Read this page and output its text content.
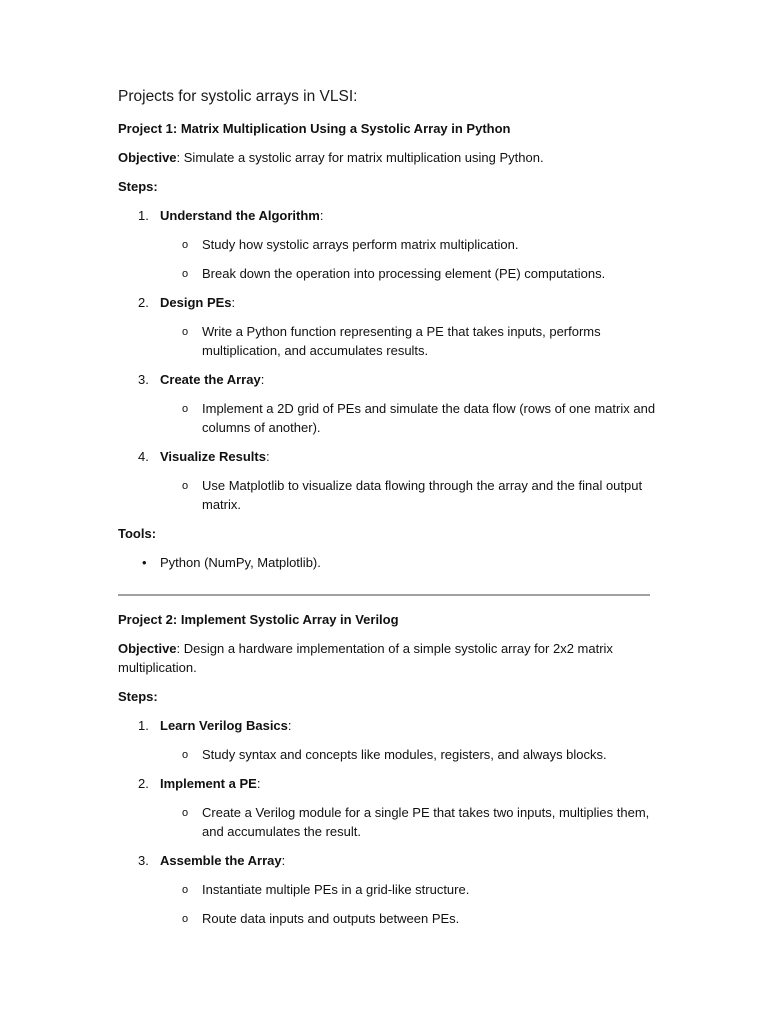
Projects for systolic arrays in VLSI:

Project 1: Matrix Multiplication Using a Systolic Array in Python

Objective: Simulate a systolic array for matrix multiplication using Python.

Steps:

1. Understand the Algorithm:
o Study how systolic arrays perform matrix multiplication.
o Break down the operation into processing element (PE) computations.
2. Design PEs:
o Write a Python function representing a PE that takes inputs, performs multiplication, and accumulates results.
3. Create the Array:
o Implement a 2D grid of PEs and simulate the data flow (rows of one matrix and columns of another).
4. Visualize Results:
o Use Matplotlib to visualize data flowing through the array and the final output matrix.

Tools:

• Python (NumPy, Matplotlib).

Project 2: Implement Systolic Array in Verilog

Objective: Design a hardware implementation of a simple systolic array for 2x2 matrix multiplication.

Steps:

1. Learn Verilog Basics:
o Study syntax and concepts like modules, registers, and always blocks.
2. Implement a PE:
o Create a Verilog module for a single PE that takes two inputs, multiplies them, and accumulates the result.
3. Assemble the Array:
o Instantiate multiple PEs in a grid-like structure.
o Route data inputs and outputs between PEs.
